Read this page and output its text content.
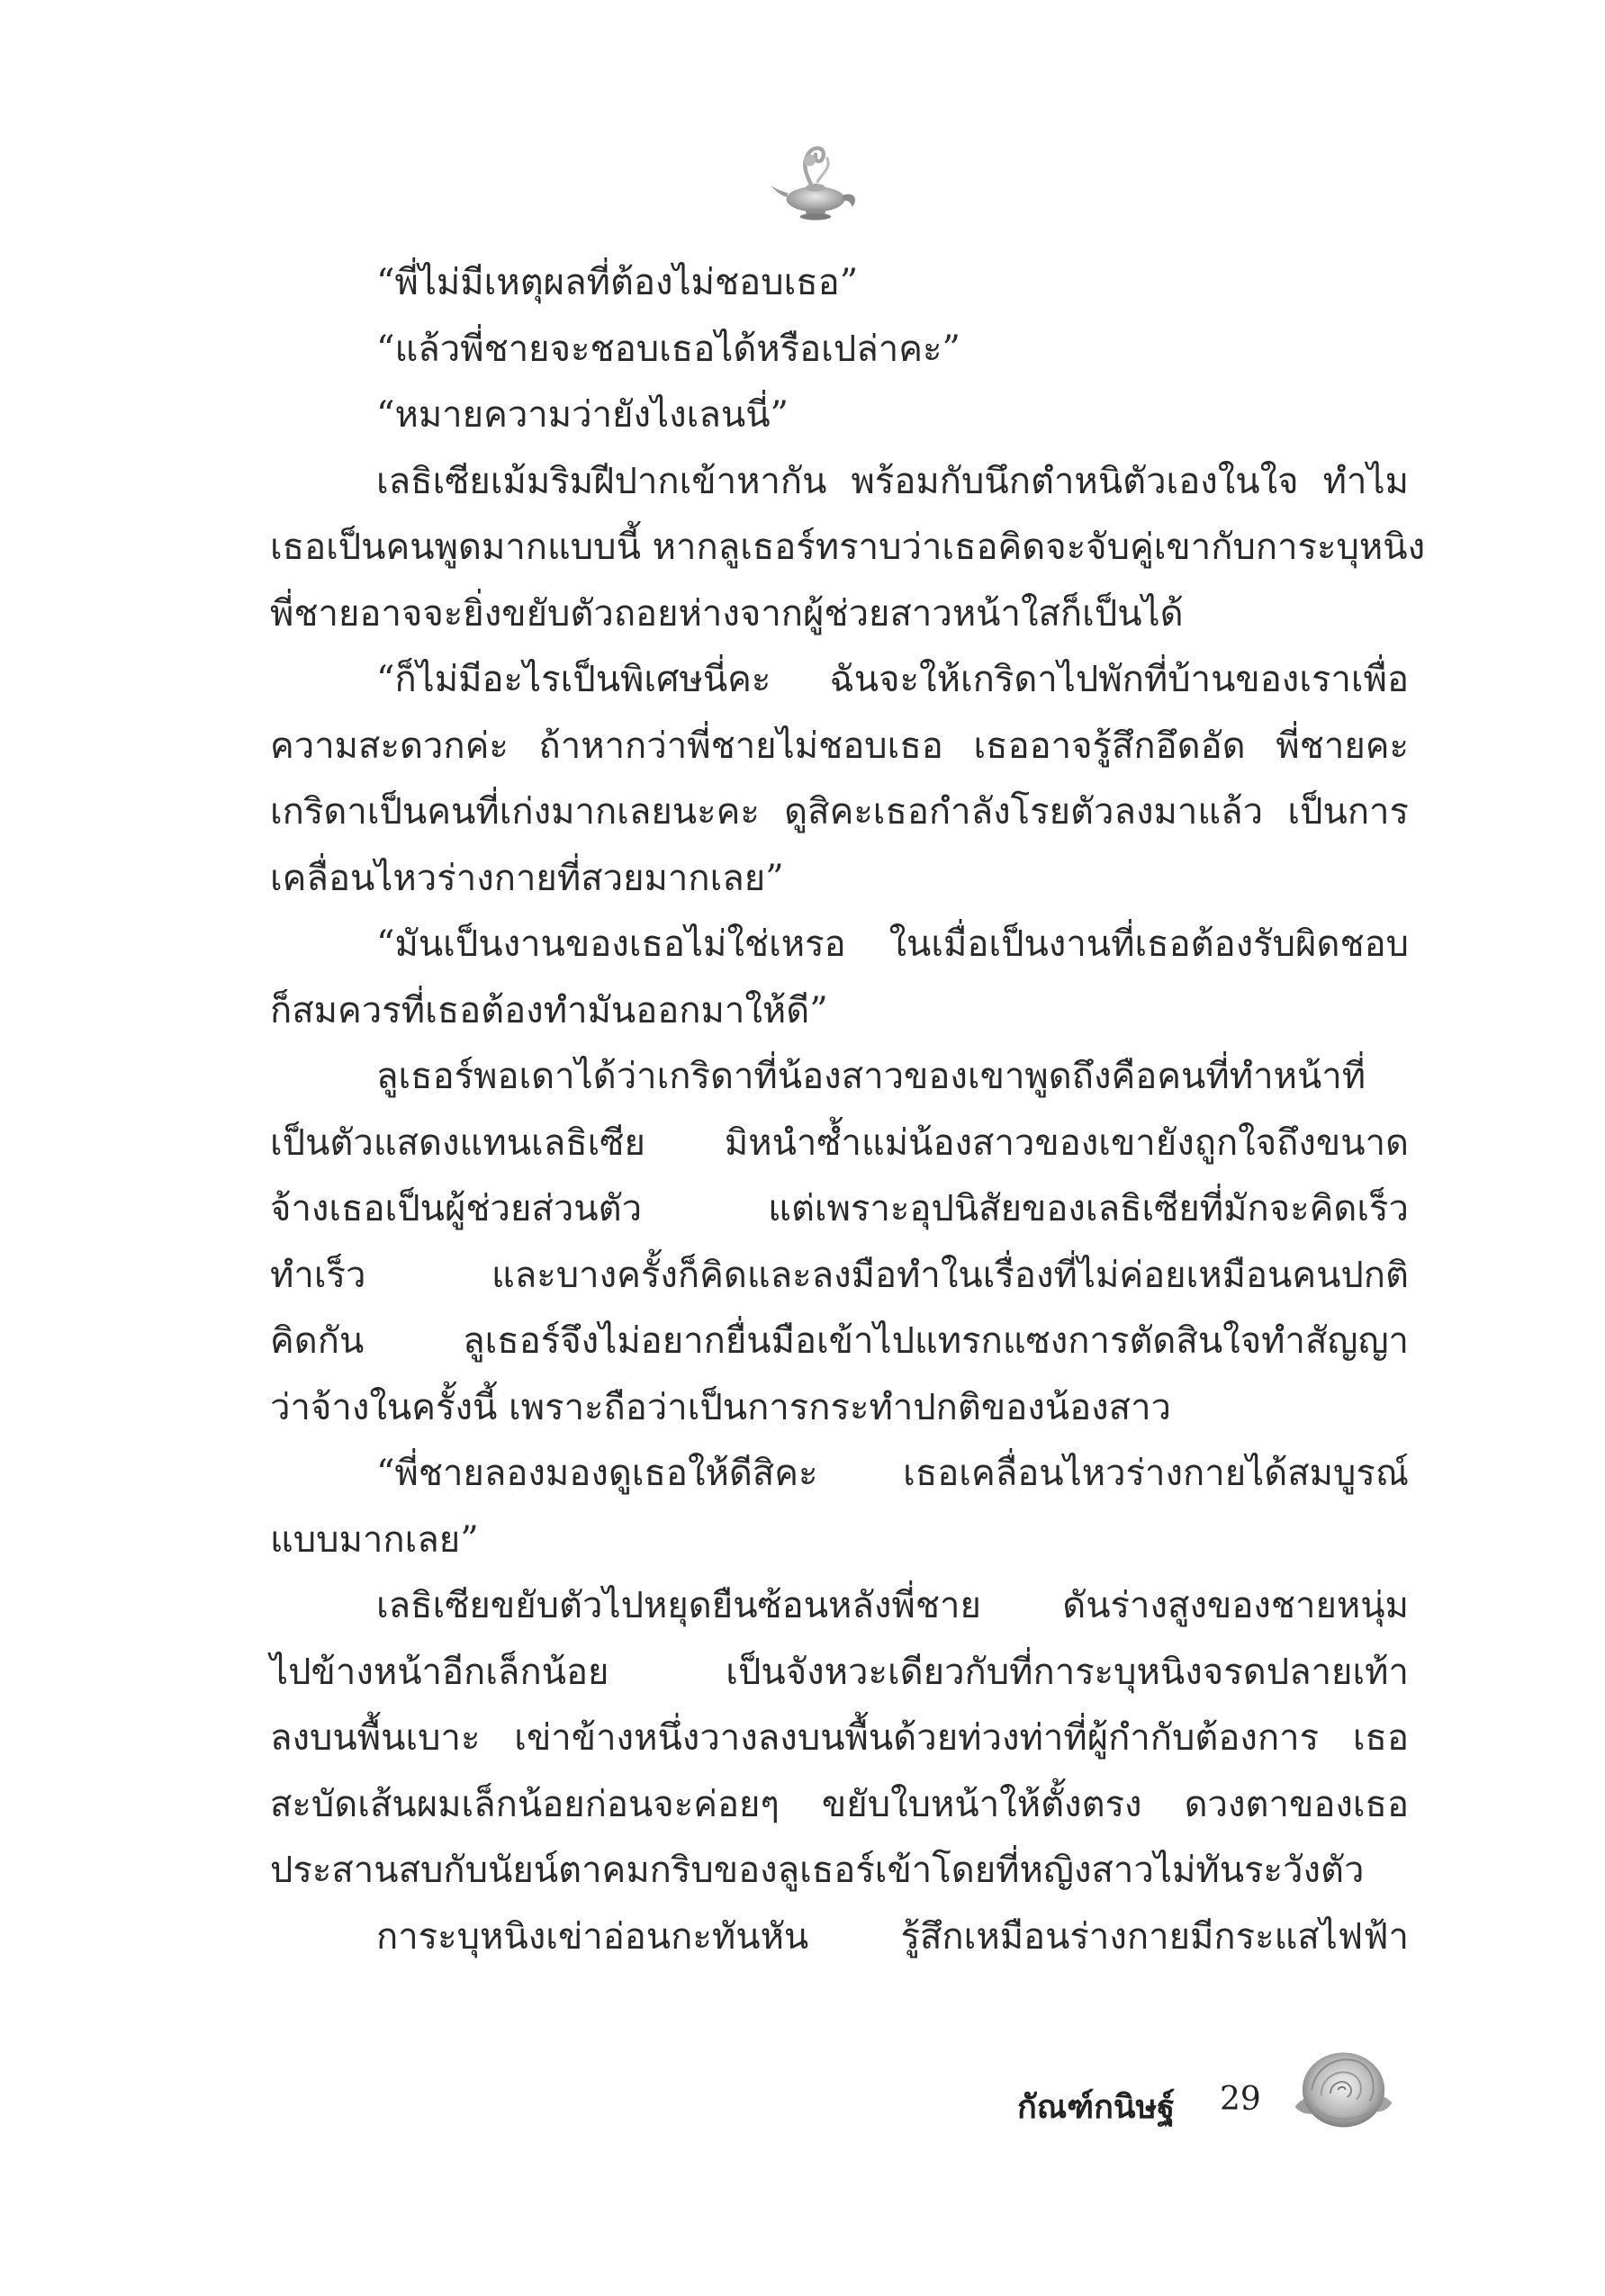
“พี่ไม่มีเหตุผลที่ต้องไม่ชอบเธอ”
“แล้วพี่ชายจะชอบเธอได้หรือเปล่าคะ”
“หมายความว่ายังไงเลนนี่”
เลธิเซียเม้มริมฝีปากเข้าหากัน พร้อมกับนึกตำหนิตัวเองในใจ ทำไม
เธอเป็นคนพูดมากแบบนี้ หากลูเธอร์ทราบว่าเธอคิดจะจับคู่เขากับการะบุหนิง
พี่ชายอาจจะยิ่งขยับตัวถอยห่างจากผู้ช่วยสาวหน้าใสก็เป็นได้
“ก็ไม่มีอะไรเป็นพิเศษนี่คะ ฉันจะให้เกริดาไปพักที่บ้านของเราเพื่อ
ความสะดวกค่ะ ถ้าหากว่าพี่ชายไม่ชอบเธอ เธออาจรู้สึกอึดอัด พี่ชายคะ
เกริดาเป็นคนที่เก่งมากเลยนะคะ ดูสิคะเธอกำลังโรยตัวลงมาแล้ว เป็นการ
เคลื่อนไหวร่างกายที่สวยมากเลย”
“มันเป็นงานของเธอไม่ใช่เหรอ ในเมื่อเป็นงานที่เธอต้องรับผิดชอบ
ก็สมควรที่เธอต้องทำมันออกมาให้ดี”
ลูเธอร์พอเดาได้ว่าเกริดาที่น้องสาวของเขาพูดถึงคือคนที่ทำหน้าที่
เป็นตัวแสดงแทนเลธิเซีย มิหนำซ้ำแม่น้องสาวของเขายังถูกใจถึงขนาด
จ้างเธอเป็นผู้ช่วยส่วนตัว แต่เพราะอุปนิสัยของเลธิเซียที่มักจะคิดเร็ว
ทำเร็ว และบางครั้งก็คิดและลงมือทำในเรื่องที่ไม่ค่อยเหมือนคนปกติ
คิดกัน ลูเธอร์จึงไม่อยากยื่นมือเข้าไปแทรกแซงการตัดสินใจทำสัญญา
ว่าจ้างในครั้งนี้ เพราะถือว่าเป็นการกระทำปกติของน้องสาว
“พี่ชายลองมองดูเธอให้ดีสิคะ เธอเคลื่อนไหวร่างกายได้สมบูรณ์
แบบมากเลย”
เลธิเซียขยับตัวไปหยุดยืนซ้อนหลังพี่ชาย ดันร่างสูงของชายหนุ่ม
ไปข้างหน้าอีกเล็กน้อย เป็นจังหวะเดียวกับที่การะบุหนิงจรดปลายเท้า
ลงบนพื้นเบาะ เข่าข้างหนึ่งวางลงบนพื้นด้วยท่วงท่าที่ผู้กำกับต้องการ เธอ
สะบัดเส้นผมเล็กน้อยก่อนจะค่อยๆ ขยับใบหน้าให้ตั้งตรง ดวงตาของเธอ
ประสานสบกับนัยน์ตาคมกริบของลูเธอร์เข้าโดยที่หญิงสาวไม่ทันระวังตัว
การะบุหนิงเข่าอ่อนกะทันหัน รู้สึกเหมือนร่างกายมีกระแสไฟฟ้า
กัณฑ์กนิษฐ์ 29
